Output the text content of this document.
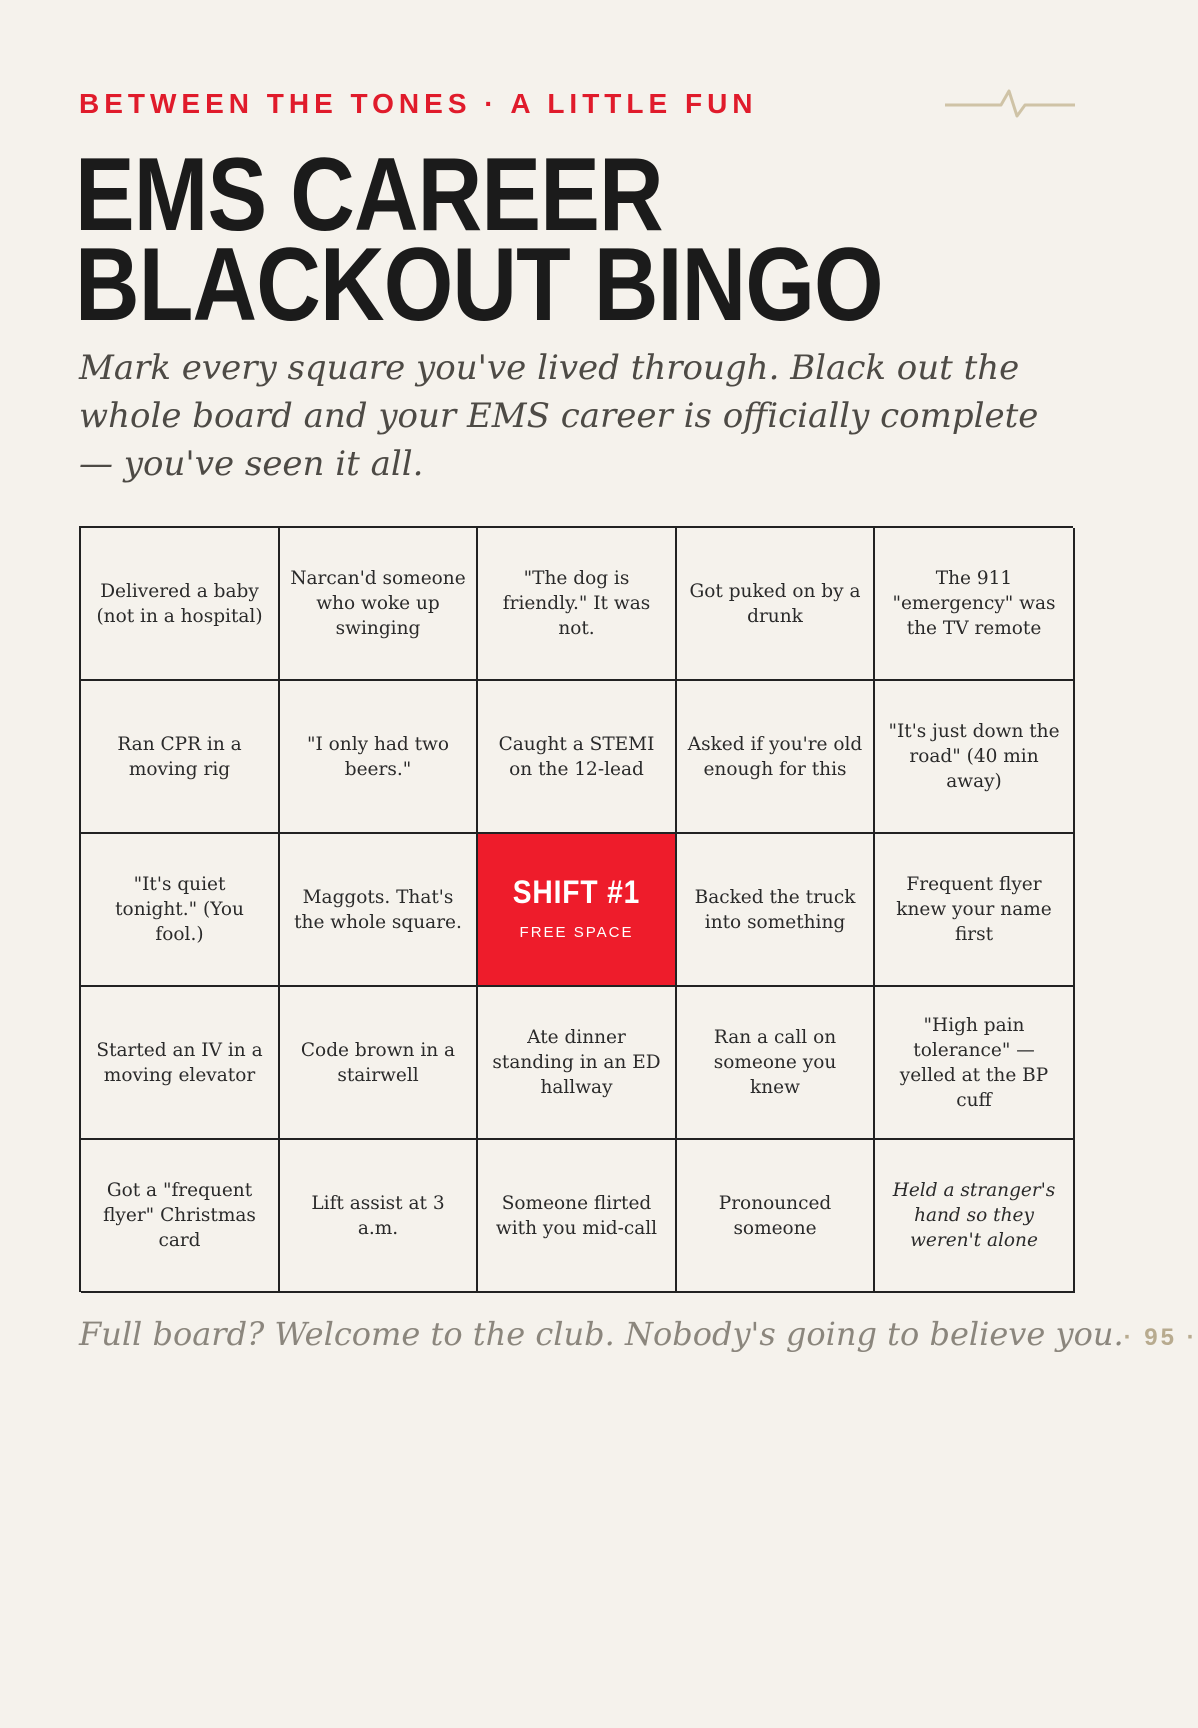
BETWEEN THE TONES · A LITTLE FUN
EMS CAREER
BLACKOUT BINGO

Mark every square you've lived through. Black out the whole board and your EMS career is officially complete — you've seen it all.

Delivered a baby (not in a hospital)
Narcan'd someone who woke up swinging
"The dog is friendly." It was not.
Got puked on by a drunk
The 911 "emergency" was the TV remote
Ran CPR in a moving rig
"I only had two beers."
Caught a STEMI on the 12-lead
Asked if you're old enough for this
"It's just down the road" (40 min away)
"It's quiet tonight." (You fool.)
Maggots. That's the whole square.
SHIFT #1
FREE SPACE
Backed the truck into something
Frequent flyer knew your name first
Started an IV in a moving elevator
Code brown in a stairwell
Ate dinner standing in an ED hallway
Ran a call on someone you knew
"High pain tolerance" — yelled at the BP cuff
Got a "frequent flyer" Christmas card
Lift assist at 3 a.m.
Someone flirted with you mid-call
Pronounced someone
Held a stranger's hand so they weren't alone
Full board? Welcome to the club. Nobody's going to believe you. · 95 ·
